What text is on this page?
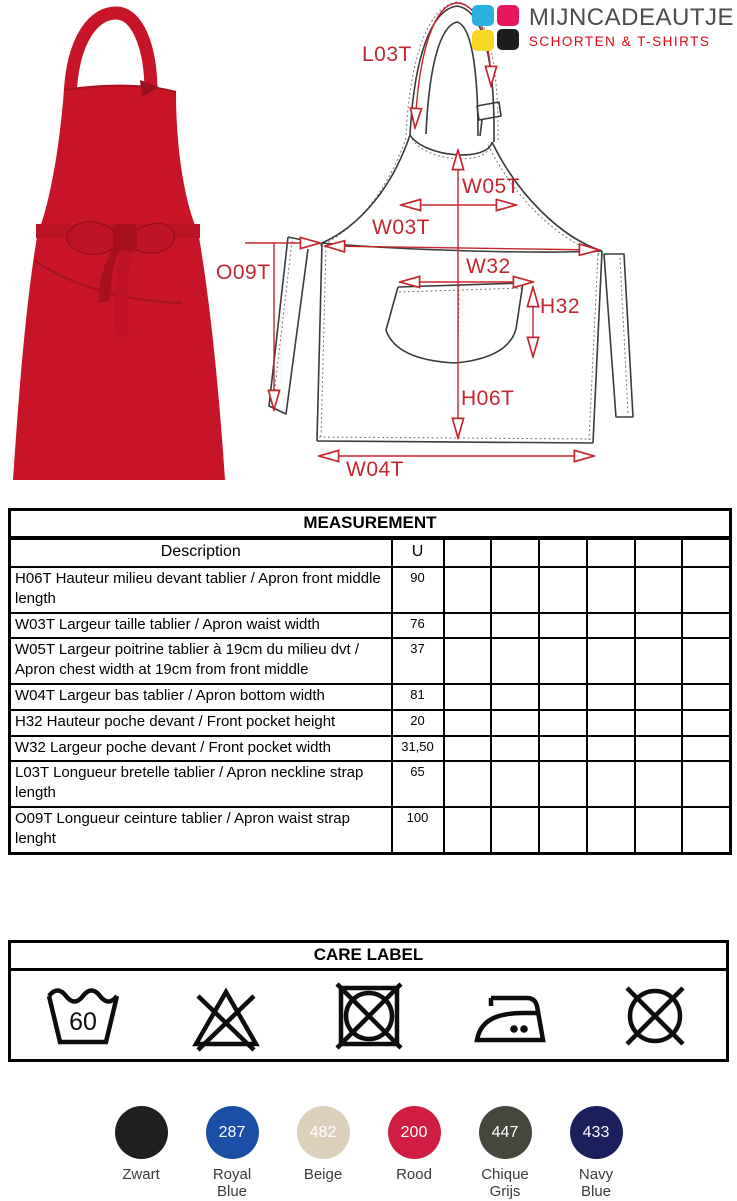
L03T
W05T
W03T
O09T	W32
H32
H06T
W04T
MIJNCADEAUTJE
SCHORTEN & T-SHIRTS
MEASUREMENT							
Description	U						
H06T Hauteur milieu devant tablier / Apron front middle length	90						
W03T Largeur taille tablier / Apron waist width	76						
W05T Largeur poitrine tablier à 19cm du milieu dvt / Apron chest width at 19cm from front middle	37						
W04T Largeur bas tablier / Apron bottom width	81						
H32 Hauteur poche devant / Front pocket height	20						
W32 Largeur poche devant / Front pocket width	31,50						
L03T Longueur bretelle tablier / Apron neckline strap length	65						
O09T Longueur ceinture tablier / Apron waist strap lenght	100						
CARE LABEL
60
Zwart
287
Royal Blue
482
Beige
200
Rood
447
Chique Grijs
433
Navy Blue
